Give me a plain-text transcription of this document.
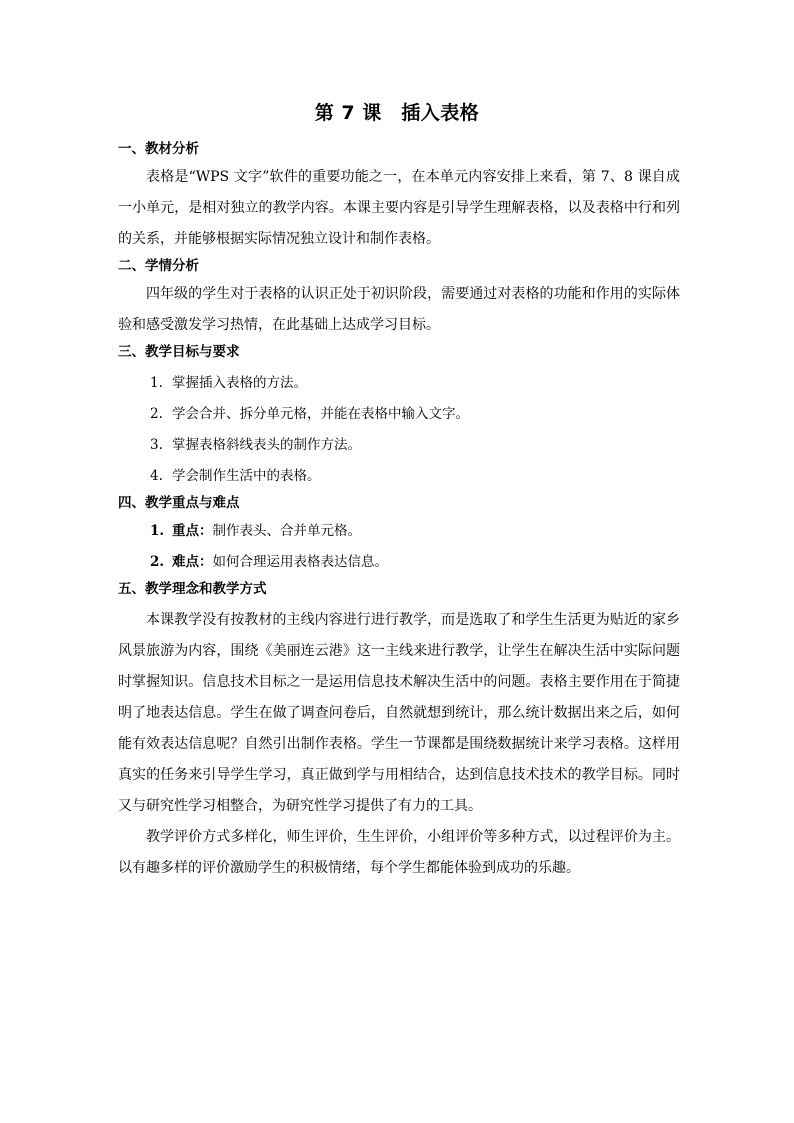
第 7 课　插入表格

一、教材分析

表格是“WPS 文字”软件的重要功能之一，在本单元内容安排上来看，第 7、8 课自成一小单元，是相对独立的教学内容。本课主要内容是引导学生理解表格，以及表格中行和列的关系，并能够根据实际情况独立设计和制作表格。

二、学情分析

四年级的学生对于表格的认识正处于初识阶段，需要通过对表格的功能和作用的实际体验和感受激发学习热情，在此基础上达成学习目标。

三、教学目标与要求

1. 掌握插入表格的方法。
2. 学会合并、拆分单元格，并能在表格中输入文字。
3. 掌握表格斜线表头的制作方法。
4. 学会制作生活中的表格。

四、教学重点与难点

1. 重点：制作表头、合并单元格。
2. 难点：如何合理运用表格表达信息。

五、教学理念和教学方式

本课教学没有按教材的主线内容进行进行教学，而是选取了和学生生活更为贴近的家乡风景旅游为内容，围绕《美丽连云港》这一主线来进行教学，让学生在解决生活中实际问题时掌握知识。信息技术目标之一是运用信息技术解决生活中的问题。表格主要作用在于简捷明了地表达信息。学生在做了调查问卷后，自然就想到统计，那么统计数据出来之后，如何能有效表达信息呢？自然引出制作表格。学生一节课都是围绕数据统计来学习表格。这样用真实的任务来引导学生学习，真正做到学与用相结合，达到信息技术技术的教学目标。同时又与研究性学习相整合，为研究性学习提供了有力的工具。

教学评价方式多样化，师生评价，生生评价，小组评价等多种方式，以过程评价为主。以有趣多样的评价激励学生的积极情绪，每个学生都能体验到成功的乐趣。
